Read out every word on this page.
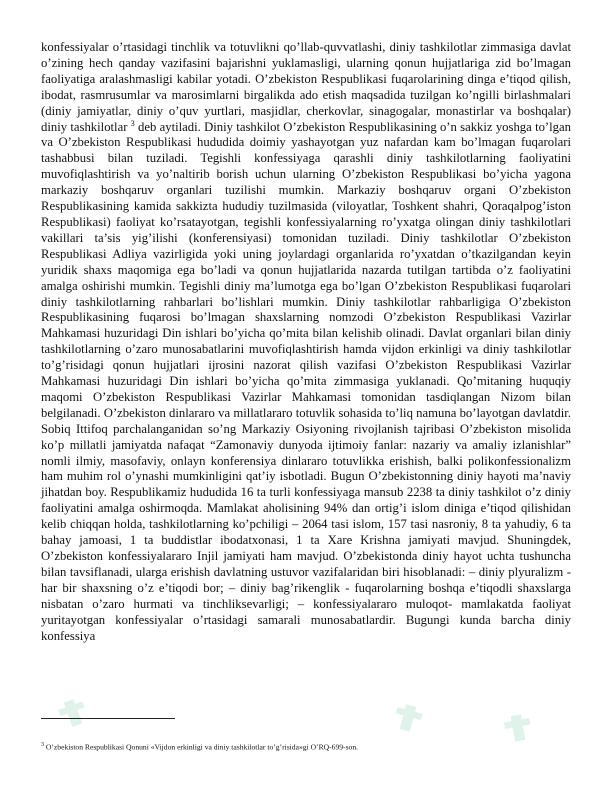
konfessiyalar o’rtasidagi tinchlik va totuvlikni qo’llab-quvvatlashi, diniy tashkilotlar zimmasiga davlat o’zining hech qanday vazifasini bajarishni yuklamasligi, ularning qonun hujjatlariga zid bo’lmagan faoliyatiga aralashmasligi kabilar yotadi. O’zbekiston Respublikasi fuqarolarining dinga e’tiqod qilish, ibodat, rasmrusumlar va marosimlarni birgalikda ado etish maqsadida tuzilgan ko’ngilli birlashmalari (diniy jamiyatlar, diniy o’quv yurtlari, masjidlar, cherkovlar, sinagogalar, monastirlar va boshqalar) diniy tashkilotlar $^3$ deb aytiladi. Diniy tashkilot O’zbekiston Respublikasining o’n sakkiz yoshga to’lgan va O’zbekiston Respublikasi hududida doimiy yashayotgan yuz nafardan kam bo’lmagan fuqarolari tashabbusi bilan tuziladi. Tegishli konfessiyaga qarashli diniy tashkilotlarning faoliyatini muvofiqlashtirish va yo’naltirib borish uchun ularning O’zbekiston Respublikasi bo’yicha yagona markaziy boshqaruv organlari tuzilishi mumkin. Markaziy boshqaruv organi O’zbekiston Respublikasining kamida sakkizta hududiy tuzilmasida (viloyatlar, Toshkent shahri, Qoraqalpog’iston Respublikasi) faoliyat ko’rsatayotgan, tegishli konfessiyalarning ro’yxatga olingan diniy tashkilotlari vakillari ta’sis yig’ilishi (konferensiyasi) tomonidan tuziladi. Diniy tashkilotlar O’zbekiston Respublikasi Adliya vazirligida yoki uning joylardagi organlarida ro’yxatdan o’tkazilgandan keyin yuridik shaxs maqomiga ega bo’ladi va qonun hujjatlarida nazarda tutilgan tartibda o’z faoliyatini amalga oshirishi mumkin. Tegishli diniy ma’lumotga ega bo’lgan O’zbekiston Respublikasi fuqarolari diniy tashkilotlarning rahbarlari bo’lishlari mumkin. Diniy tashkilotlar rahbarligiga O’zbekiston Respublikasining fuqarosi bo’lmagan shaxslarning nomzodi O’zbekiston Respublikasi Vazirlar Mahkamasi huzuridagi Din ishlari bo’yicha qo’mita bilan kelishib olinadi. Davlat organlari bilan diniy tashkilotlarning o’zaro munosabatlarini muvofiqlashtirish hamda vijdon erkinligi va diniy tashkilotlar to’g’risidagi qonun hujjatlari ijrosini nazorat qilish vazifasi O’zbekiston Respublikasi Vazirlar Mahkamasi huzuridagi Din ishlari bo’yicha qo’mita zimmasiga yuklanadi. Qo’mitaning huquqiy maqomi O’zbekiston Respublikasi Vazirlar Mahkamasi tomonidan tasdiqlangan Nizom bilan belgilanadi. O’zbekiston dinlararo va millatlararo totuvlik sohasida to’liq namuna bo’layotgan davlatdir. Sobiq Ittifoq parchalanganidan so’ng Markaziy Osiyoning rivojlanish tajribasi O’zbekiston misolida ko’p millatli jamiyatda nafaqat “Zamonaviy dunyoda ijtimoiy fanlar: nazariy va amaliy izlanishlar” nomli ilmiy, masofaviy, onlayn konferensiya dinlararo totuvlikka erishish, balki polikonfessionalizm ham muhim rol o’ynashi mumkinligini qat’iy isbotladi. Bugun O’zbekistonning diniy hayoti ma’naviy jihatdan boy. Respublikamiz hududida 16 ta turli konfessiyaga mansub 2238 ta diniy tashkilot o’z diniy faoliyatini amalga oshirmoqda. Mamlakat aholisining 94% dan ortig’i islom diniga e’tiqod qilishidan kelib chiqqan holda, tashkilotlarning ko’pchiligi – 2064 tasi islom, 157 tasi nasroniy, 8 ta yahudiy, 6 ta bahay jamoasi, 1 ta buddistlar ibodatxonasi, 1 ta Xare Krishna jamiyati mavjud. Shuningdek, O’zbekiston konfessiyalararo Injil jamiyati ham mavjud. O’zbekistonda diniy hayot uchta tushuncha bilan tavsiflanadi, ularga erishish davlatning ustuvor vazifalaridan biri hisoblanadi: – diniy plyuralizm - har bir shaxsning o’z e’tiqodi bor; – diniy bag’rikenglik - fuqarolarning boshqa e’tiqodli shaxslarga nisbatan o’zaro hurmati va tinchliksevarligi; – konfessiyalararo muloqot- mamlakatda faoliyat yuritayotgan konfessiyalar o’rtasidagi samarali munosabatlardir. Bugungi kunda barcha diniy konfessiya

$^3$ O’zbekiston Respublikasi Qonuni «Vijdon erkinligi va diniy tashkilotlar to’g’risida»gi O’RQ-699-son.
